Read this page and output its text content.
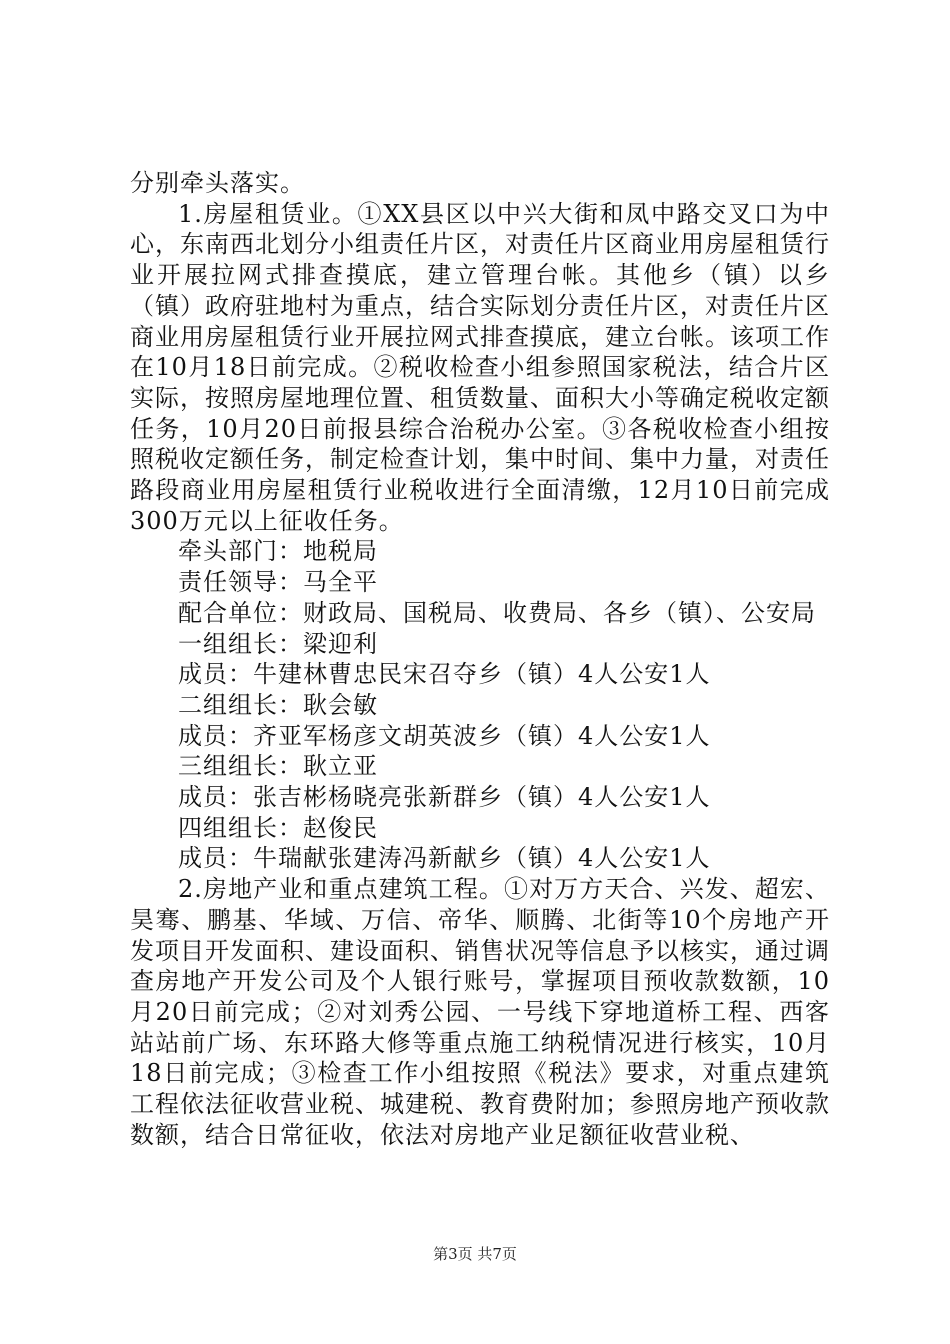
分别牵头落实。

1.房屋租赁业。①XX县区以中兴大街和凤中路交叉口为中心，东南西北划分小组责任片区，对责任片区商业用房屋租赁行业开展拉网式排查摸底，建立管理台帐。其他乡（镇）以乡（镇）政府驻地村为重点，结合实际划分责任片区，对责任片区商业用房屋租赁行业开展拉网式排查摸底，建立台帐。该项工作在10月18日前完成。②税收检查小组参照国家税法，结合片区实际，按照房屋地理位置、租赁数量、面积大小等确定税收定额任务，10月20日前报县综合治税办公室。③各税收检查小组按照税收定额任务，制定检查计划，集中时间、集中力量，对责任路段商业用房屋租赁行业税收进行全面清缴，12月10日前完成300万元以上征收任务。

牵头部门：地税局

责任领导：马全平

配合单位：财政局、国税局、收费局、各乡（镇）、公安局

一组组长：梁迎利

成员：牛建林曹忠民宋召夺乡（镇）4人公安1人

二组组长：耿会敏

成员：齐亚军杨彦文胡英波乡（镇）4人公安1人

三组组长：耿立亚

成员：张吉彬杨晓亮张新群乡（镇）4人公安1人

四组组长：赵俊民

成员：牛瑞献张建涛冯新献乡（镇）4人公安1人

2.房地产业和重点建筑工程。①对万方天合、兴发、超宏、昊骞、鹏基、华域、万信、帝华、顺腾、北街等10个房地产开发项目开发面积、建设面积、销售状况等信息予以核实，通过调查房地产开发公司及个人银行账号，掌握项目预收款数额，10月20日前完成；②对刘秀公园、一号线下穿地道桥工程、西客站站前广场、东环路大修等重点施工纳税情况进行核实，10月18日前完成；③检查工作小组按照《税法》要求，对重点建筑工程依法征收营业税、城建税、教育费附加；参照房地产预收款数额，结合日常征收，依法对房地产业足额征收营业税、

第3页 共7页
